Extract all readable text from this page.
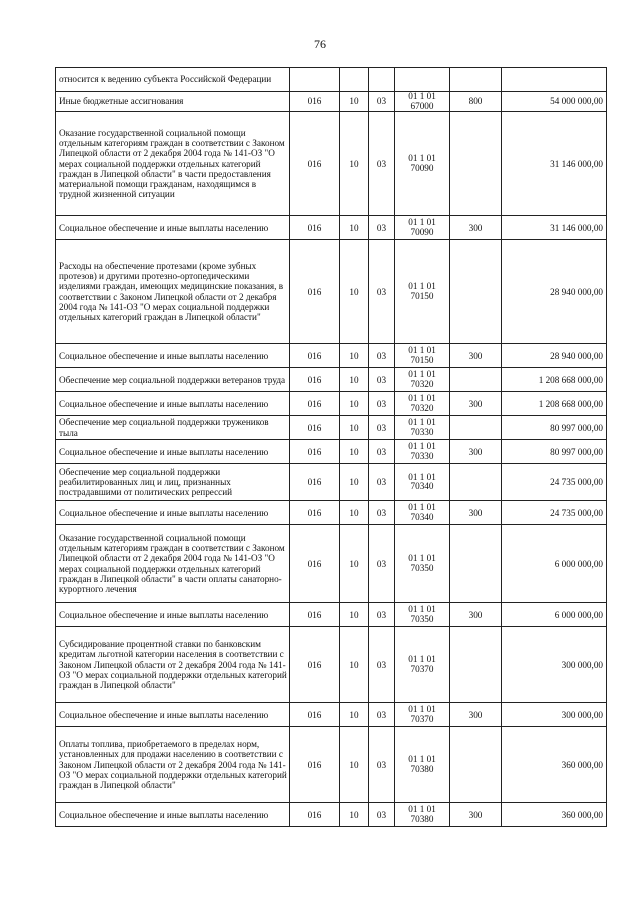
76
относится к ведению субъекта Российской Федерации				

Иные бюджетные ассигнования	016	10	03	01 1 01
67000	800	54 000 000,00
Оказание государственной социальной помощи отдельным категориям граждан в соответствии с Законом Липецкой области от 2 декабря 2004 года № 141-ОЗ "О мерах социальной поддержки отдельных категорий граждан в Липецкой области" в части предоставления материальной помощи гражданам, находящимся в трудной жизненной ситуации	016	10	03	01 1 01
70090		31 146 000,00
Социальное обеспечение и иные выплаты населению	016	10	03	01 1 01
70090	300	31 146 000,00
Расходы на обеспечение протезами (кроме зубных протезов) и другими протезно-ортопедическими изделиями граждан, имеющих медицинские показания, в соответствии с Законом Липецкой области от 2 декабря 2004 года № 141-ОЗ "О мерах социальной поддержки отдельных категорий граждан в Липецкой области"	016	10	03	01 1 01
70150		28 940 000,00
Социальное обеспечение и иные выплаты населению	016	10	03	01 1 01
70150	300	28 940 000,00
Обеспечение мер социальной поддержки ветеранов труда	016	10	03	01 1 01
70320		1 208 668 000,00
Социальное обеспечение и иные выплаты населению	016	10	03	01 1 01
70320	300	1 208 668 000,00
Обеспечение мер социальной поддержки тружеников тыла	016	10	03	01 1 01
70330		80 997 000,00
Социальное обеспечение и иные выплаты населению	016	10	03	01 1 01
70330	300	80 997 000,00
Обеспечение мер социальной поддержки реабилитированных лиц и лиц, признанных пострадавшими от политических репрессий	016	10	03	01 1 01
70340		24 735 000,00
Социальное обеспечение и иные выплаты населению	016	10	03	01 1 01
70340	300	24 735 000,00
Оказание государственной социальной помощи отдельным категориям граждан в соответствии с Законом Липецкой области от 2 декабря 2004 года № 141-ОЗ "О мерах социальной поддержки отдельных категорий граждан в Липецкой области" в части оплаты санаторно-курортного лечения	016	10	03	01 1 01
70350		6 000 000,00
Социальное обеспечение и иные выплаты населению	016	10	03	01 1 01
70350	300	6 000 000,00
Субсидирование процентной ставки по банковским кредитам льготной категории населения в соответствии с Законом Липецкой области от 2 декабря 2004 года № 141-ОЗ "О мерах социальной поддержки отдельных категорий граждан в Липецкой области"	016	10	03	01 1 01
70370		300 000,00
Социальное обеспечение и иные выплаты населению	016	10	03	01 1 01
70370	300	300 000,00
Оплаты топлива, приобретаемого в пределах норм, установленных для продажи населению в соответствии с Законом Липецкой области от 2 декабря 2004 года № 141-ОЗ "О мерах социальной поддержки отдельных категорий граждан в Липецкой области"	016	10	03	01 1 01
70380		360 000,00
Социальное обеспечение и иные выплаты населению	016	10	03	01 1 01
70380	300	360 000,00
